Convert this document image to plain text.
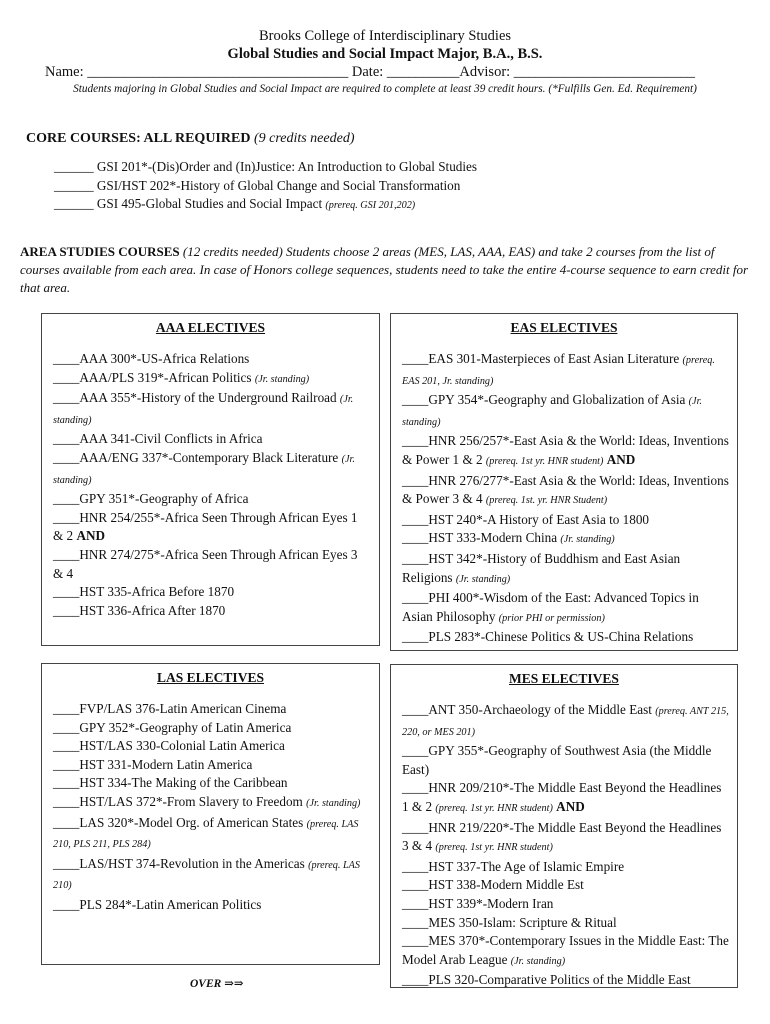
Brooks College of Interdisciplinary Studies
Global Studies and Social Impact Major, B.A., B.S.
Name: ____________________________________ Date: __________Advisor: _________________________
Students majoring in Global Studies and Social Impact are required to complete at least 39 credit hours. (*Fulfills Gen. Ed. Requirement)
CORE COURSES: ALL REQUIRED (9 credits needed)
______ GSI 201*-(Dis)Order and (In)Justice: An Introduction to Global Studies
______ GSI/HST 202*-History of Global Change and Social Transformation
______ GSI 495-Global Studies and Social Impact (prereq. GSI 201,202)
AREA STUDIES COURSES (12 credits needed) Students choose 2 areas (MES, LAS, AAA, EAS) and take 2 courses from the list of courses available from each area. In case of Honors college sequences, students need to take the entire 4-course sequence to earn credit for that area.
AAA ELECTIVES
____AAA 300*-US-Africa Relations
____AAA/PLS 319*-African Politics (Jr. standing)
____AAA 355*-History of the Underground Railroad (Jr. standing)
____AAA 341-Civil Conflicts in Africa
____AAA/ENG 337*-Contemporary Black Literature (Jr. standing)
____GPY 351*-Geography of Africa
____HNR 254/255*-Africa Seen Through African Eyes 1 & 2 AND
____HNR 274/275*-Africa Seen Through African Eyes 3 & 4
____HST 335-Africa Before 1870
____HST 336-Africa After 1870
EAS ELECTIVES
____EAS 301-Masterpieces of East Asian Literature (prereq. EAS 201, Jr. standing)
____GPY 354*-Geography and Globalization of Asia (Jr. standing)
____HNR 256/257*-East Asia & the World: Ideas, Inventions & Power 1 & 2 (prereq. 1st yr. HNR student) AND
____HNR 276/277*-East Asia & the World: Ideas, Inventions & Power 3 & 4 (prereq. 1st. yr. HNR Student)
____HST 240*-A History of East Asia to 1800
____HST 333-Modern China (Jr. standing)
____HST 342*-History of Buddhism and East Asian Religions (Jr. standing)
____PHI 400*-Wisdom of the East: Advanced Topics in Asian Philosophy (prior PHI or permission)
____PLS 283*-Chinese Politics & US-China Relations
LAS ELECTIVES
____FVP/LAS 376-Latin American Cinema
____GPY 352*-Geography of Latin America
____HST/LAS 330-Colonial Latin America
____HST 331-Modern Latin America
____HST 334-The Making of the Caribbean
____HST/LAS 372*-From Slavery to Freedom (Jr. standing)
____LAS 320*-Model Org. of American States (prereq. LAS 210, PLS 211, PLS 284)
____LAS/HST 374-Revolution in the Americas (prereq. LAS 210)
____PLS 284*-Latin American Politics
MES ELECTIVES
____ANT 350-Archaeology of the Middle East (prereq. ANT 215, 220, or MES 201)
____GPY 355*-Geography of Southwest Asia (the Middle East)
____HNR 209/210*-The Middle East Beyond the Headlines 1 & 2 (prereq. 1st yr. HNR student) AND
____HNR 219/220*-The Middle East Beyond the Headlines 3 & 4 (prereq. 1st yr. HNR student)
____HST 337-The Age of Islamic Empire
____HST 338-Modern Middle Est
____HST 339*-Modern Iran
____MES 350-Islam: Scripture & Ritual
____MES 370*-Contemporary Issues in the Middle East: The Model Arab League (Jr. standing)
____PLS 320-Comparative Politics of the Middle East
OVER ⇒⇒
